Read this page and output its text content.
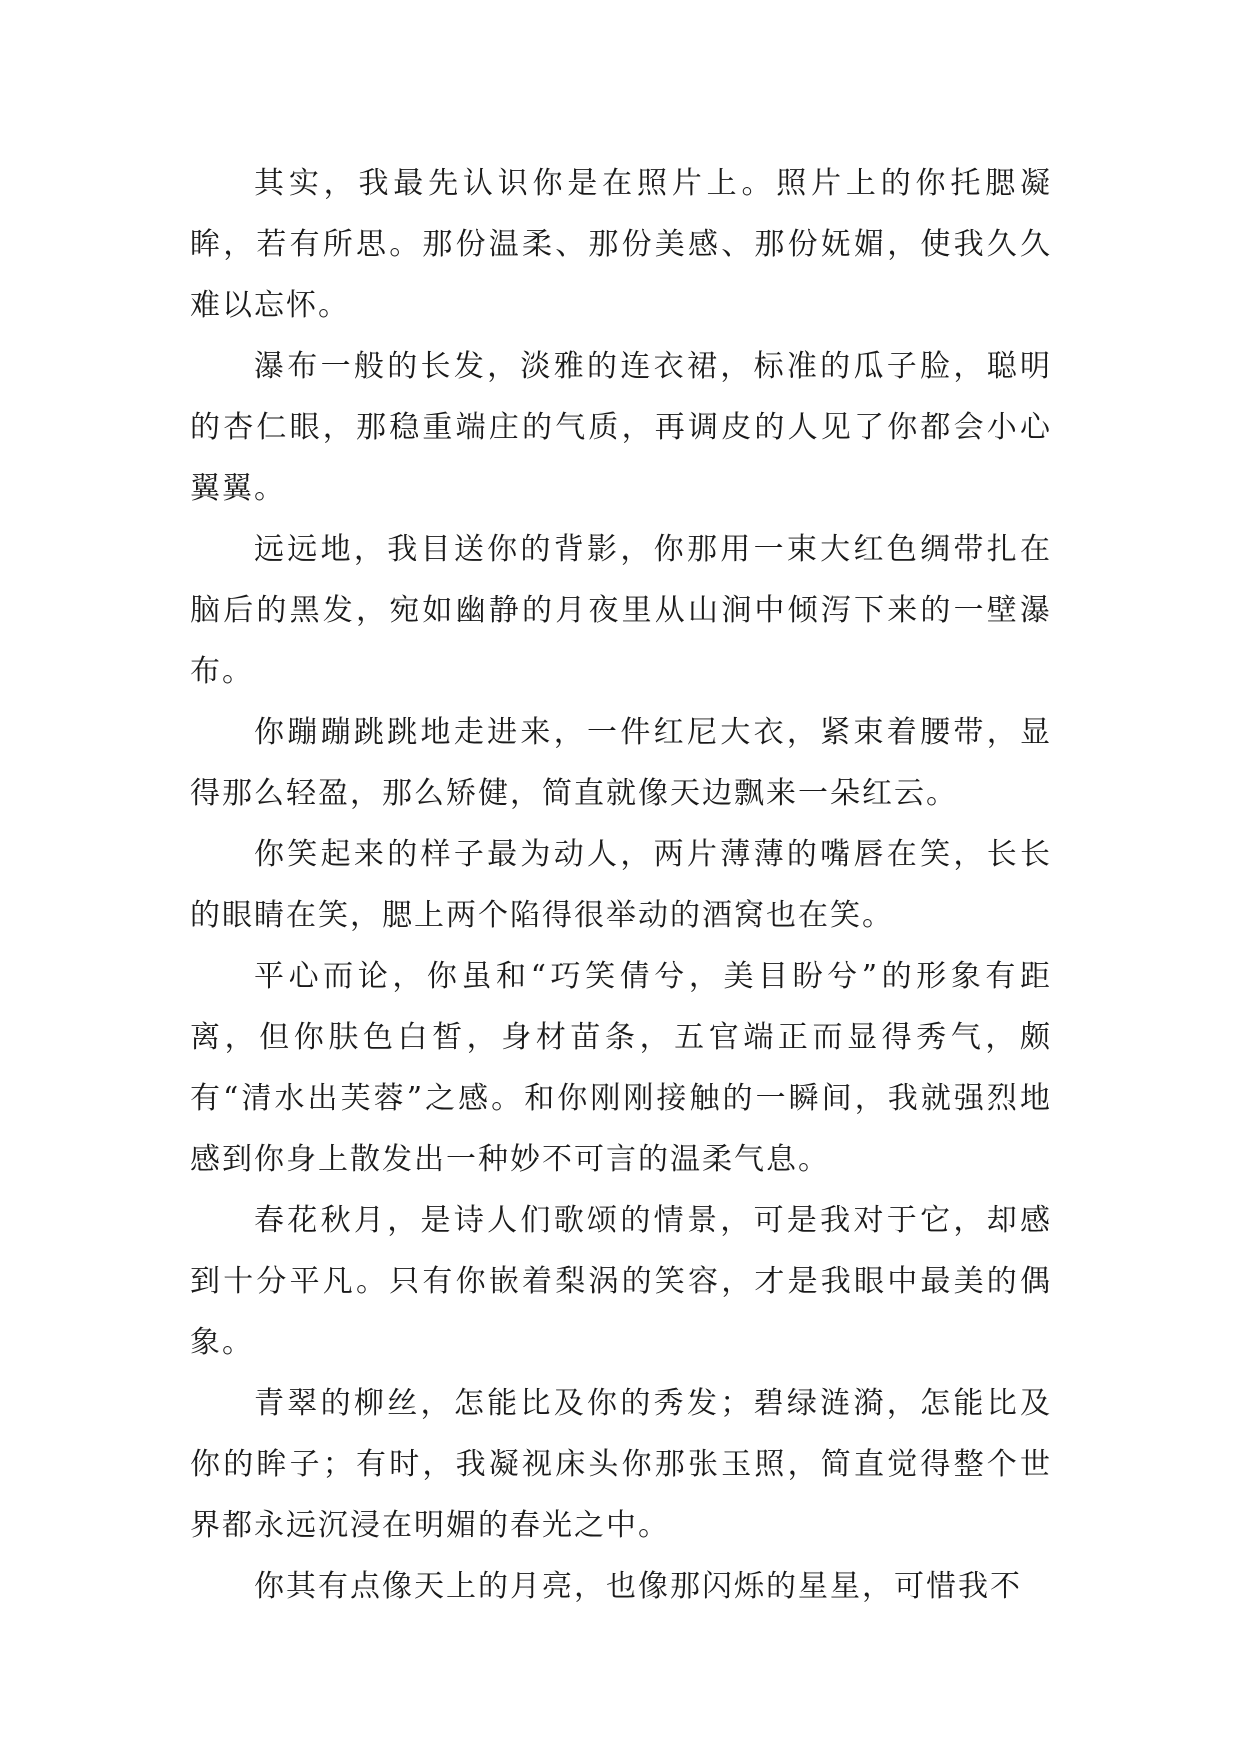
其实，我最先认识你是在照片上。照片上的你托腮凝眸，若有所思。那份温柔、那份美感、那份妩媚，使我久久难以忘怀。

瀑布一般的长发，淡雅的连衣裙，标准的瓜子脸，聪明的杏仁眼，那稳重端庄的气质，再调皮的人见了你都会小心翼翼。

远远地，我目送你的背影，你那用一束大红色绸带扎在脑后的黑发，宛如幽静的月夜里从山涧中倾泻下来的一壁瀑布。

你蹦蹦跳跳地走进来，一件红尼大衣，紧束着腰带，显得那么轻盈，那么矫健，简直就像天边飘来一朵红云。

你笑起来的样子最为动人，两片薄薄的嘴唇在笑，长长的眼睛在笑，腮上两个陷得很举动的酒窝也在笑。

平心而论，你虽和“巧笑倩兮，美目盼兮”的形象有距离，但你肤色白皙，身材苗条，五官端正而显得秀气，颇有“清水出芙蓉”之感。和你刚刚接触的一瞬间，我就强烈地感到你身上散发出一种妙不可言的温柔气息。

春花秋月，是诗人们歌颂的情景，可是我对于它，却感到十分平凡。只有你嵌着梨涡的笑容，才是我眼中最美的偶象。

青翠的柳丝，怎能比及你的秀发；碧绿涟漪，怎能比及你的眸子；有时，我凝视床头你那张玉照，简直觉得整个世界都永远沉浸在明媚的春光之中。

你其有点像天上的月亮，也像那闪烁的星星，可惜我不
